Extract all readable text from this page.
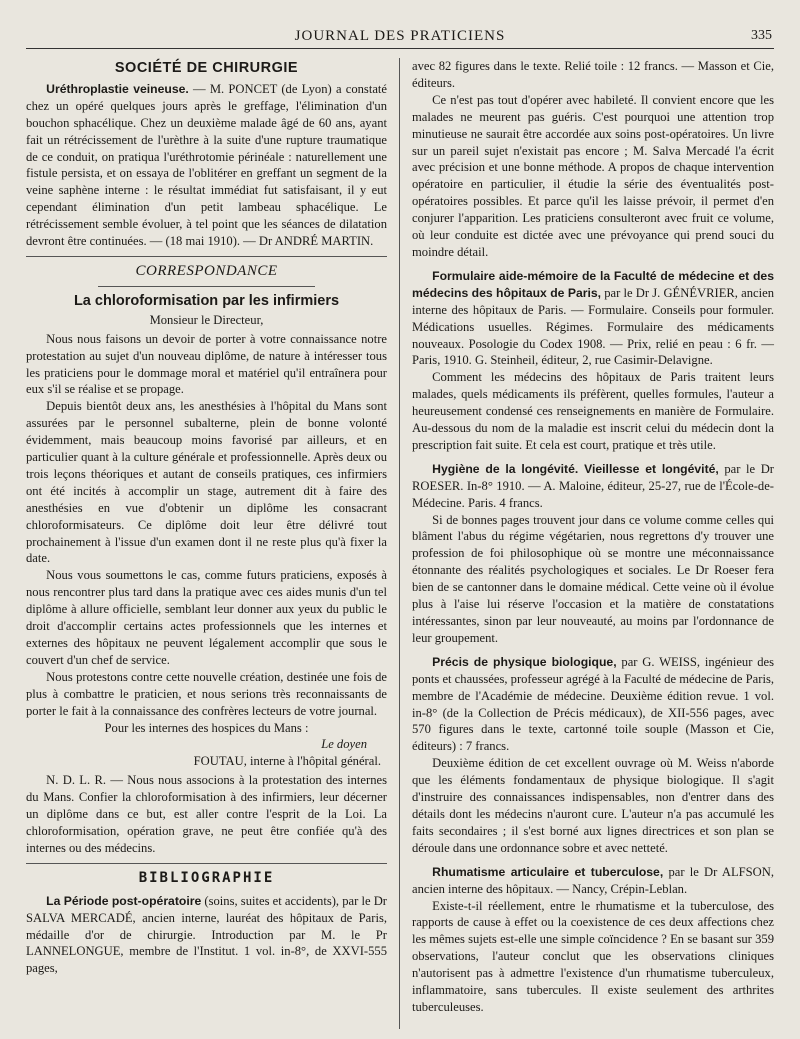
JOURNAL DES PRATICIENS	335
SOCIÉTÉ DE CHIRURGIE

Uréthroplastie veineuse. — M. PONCET (de Lyon) a constaté chez un opéré quelques jours après le greffage, l'élimination d'un bouchon sphacélique. Chez un deuxième malade âgé de 60 ans, ayant fait un rétrécissement de l'urèthre à la suite d'une rupture traumatique de ce conduit, on pratiqua l'uréthrotomie périnéale : naturellement une fistule persista, et on essaya de l'oblitérer en greffant un segment de la veine saphène interne : le résultat immédiat fut satisfaisant, il y eut cependant élimination d'un petit lambeau sphacélique. Le rétrécissement semble évoluer, à tel point que les séances de dilatation devront être continuées. — (18 mai 1910). — Dr ANDRÉ MARTIN.

CORRESPONDANCE
La chloroformisation par les infirmiers

Monsieur le Directeur,

Nous nous faisons un devoir de porter à votre connaissance notre protestation au sujet d'un nouveau diplôme, de nature à intéresser tous les praticiens pour le dommage moral et matériel qu'il entraînera pour eux s'il se réalise et se propage.

Depuis bientôt deux ans, les anesthésies à l'hôpital du Mans sont assurées par le personnel subalterne, plein de bonne volonté évidemment, mais beaucoup moins favorisé par ailleurs, et en particulier quant à la culture générale et professionnelle. Après deux ou trois leçons théoriques et autant de conseils pratiques, ces infirmiers ont été incités à accomplir un stage, autrement dit à faire des anesthésies en vue d'obtenir un diplôme les consacrant chloroformisateurs. Ce diplôme doit leur être délivré tout prochainement à l'issue d'un examen dont il ne reste plus qu'à fixer la date.

Nous vous soumettons le cas, comme futurs praticiens, exposés à nous rencontrer plus tard dans la pratique avec ces aides munis d'un tel diplôme à allure officielle, semblant leur donner aux yeux du public le droit d'accomplir certains actes professionnels que les internes et externes des hôpitaux ne peuvent légalement accomplir que sous le couvert d'un chef de service.

Nous protestons contre cette nouvelle création, destinée une fois de plus à combattre le praticien, et nous serions très reconnaissants de porter le fait à la connaissance des confrères lecteurs de votre journal.

Pour les internes des hospices du Mans :

Le doyen

FOUTAU, interne à l'hôpital général.

N. D. L. R. — Nous nous associons à la protestation des internes du Mans. Confier la chloroformisation à des infirmiers, leur décerner un diplôme dans ce but, est aller contre l'esprit de la Loi. La chloroformisation, opération grave, ne peut être confiée qu'à des internes ou des médecins.

BIBLIOGRAPHIE

La Période post-opératoire (soins, suites et accidents), par le Dr SALVA MERCADÉ, ancien interne, lauréat des hôpitaux de Paris, médaille d'or de chirurgie. Introduction par M. le Pr LANNELONGUE, membre de l'Institut. 1 vol. in-8°, de XXVI-555 pages,

avec 82 figures dans le texte. Relié toile : 12 francs. — Masson et Cie, éditeurs.

Ce n'est pas tout d'opérer avec habileté. Il convient encore que les malades ne meurent pas guéris. C'est pourquoi une attention trop minutieuse ne saurait être accordée aux soins post-opératoires. Un livre sur un pareil sujet n'existait pas encore ; M. Salva Mercadé l'a écrit avec précision et une bonne méthode. A propos de chaque intervention opératoire en particulier, il étudie la série des éventualités post-opératoires possibles. Et parce qu'il les laisse prévoir, il permet d'en conjurer l'apparition. Les praticiens consulteront avec fruit ce volume, où leur conduite est dictée avec une prévoyance qui prend souci du moindre détail.

Formulaire aide-mémoire de la Faculté de médecine et des médecins des hôpitaux de Paris, par le Dr J. GÉNÉVRIER, ancien interne des hôpitaux de Paris. — Formulaire. Conseils pour formuler. Médications usuelles. Régimes. Formulaire des médicaments nouveaux. Posologie du Codex 1908. — Prix, relié en peau : 6 fr. — Paris, 1910. G. Steinheil, éditeur, 2, rue Casimir-Delavigne.

Comment les médecins des hôpitaux de Paris traitent leurs malades, quels médicaments ils préfèrent, quelles formules, l'auteur a heureusement condensé ces renseignements en manière de Formulaire. Au-dessous du nom de la maladie est inscrit celui du médecin dont la prescription fait suite. Et cela est court, pratique et très utile.

Hygiène de la longévité. Vieillesse et longévité, par le Dr ROESER. In-8° 1910. — A. Maloine, éditeur, 25-27, rue de l'École-de-Médecine. Paris. 4 francs.

Si de bonnes pages trouvent jour dans ce volume comme celles qui blâment l'abus du régime végétarien, nous regrettons d'y trouver une profession de foi philosophique où se montre une méconnaissance étonnante des réalités psychologiques et sociales. Le Dr Roeser fera bien de se cantonner dans le domaine médical. Cette veine où il évolue plus à l'aise lui réserve l'occasion et la matière de constatations intéressantes, sinon par leur nouveauté, au moins par l'ordonnance de leur groupement.

Précis de physique biologique, par G. WEISS, ingénieur des ponts et chaussées, professeur agrégé à la Faculté de médecine de Paris, membre de l'Académie de médecine. Deuxième édition revue. 1 vol. in-8° (de la Collection de Précis médicaux), de XII-556 pages, avec 570 figures dans le texte, cartonné toile souple (Masson et Cie, éditeurs) : 7 francs.

Deuxième édition de cet excellent ouvrage où M. Weiss n'aborde que les éléments fondamentaux de physique biologique. Il s'agit d'instruire des connaissances indispensables, non d'entrer dans des détails dont les médecins n'auront cure. L'auteur n'a pas accumulé les faits secondaires ; il s'est borné aux lignes directrices et son plan se déroule dans une ordonnance sobre et avec netteté.

Rhumatisme articulaire et tuberculose, par le Dr ALFSON, ancien interne des hôpitaux. — Nancy, Crépin-Leblan.

Existe-t-il réellement, entre le rhumatisme et la tuberculose, des rapports de cause à effet ou la coexistence de ces deux affections chez les mêmes sujets est-elle une simple coïncidence ? En se basant sur 359 observations, l'auteur conclut que les observations cliniques n'autorisent pas à admettre l'existence d'un rhumatisme tuberculeux, inflammatoire, sans tubercules. Il existe seulement des arthrites tuberculeuses.
